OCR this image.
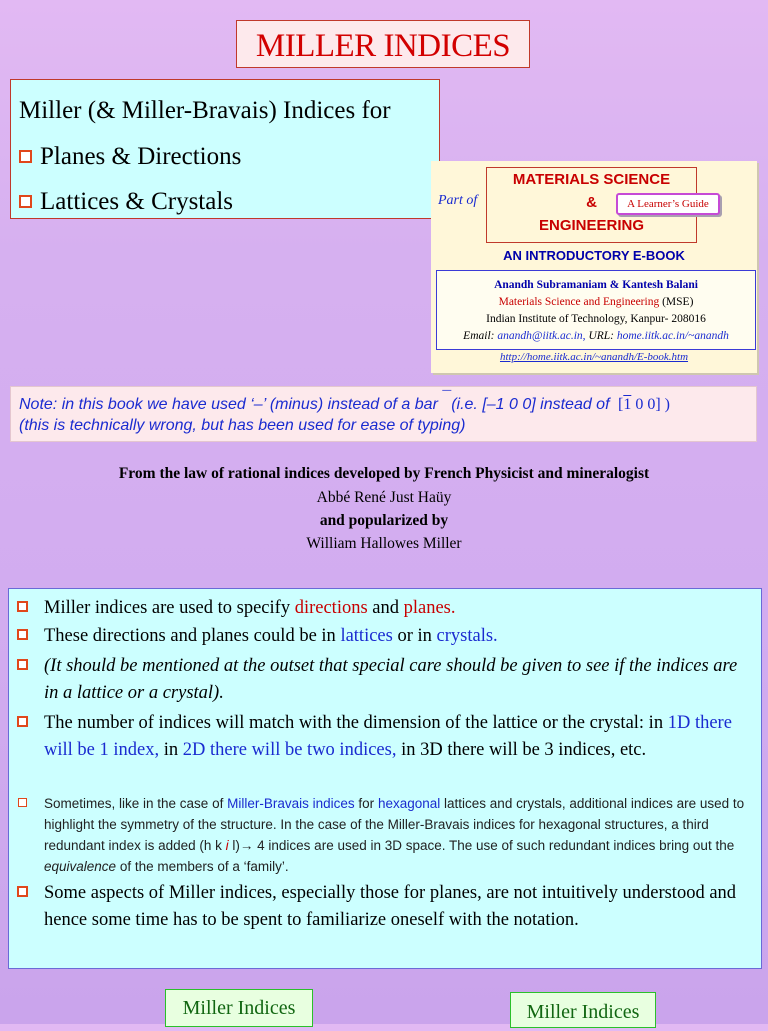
MILLER INDICES
Miller (& Miller-Bravais) Indices for
Planes & Directions
Lattices & Crystals	Part of
MATERIALS SCIENCE
&
ENGINEERING
A Learner’s Guide
AN INTRODUCTORY E-BOOK
Anandh Subramaniam & Kantesh Balani
Materials Science and Engineering (MSE)
Indian Institute of Technology, Kanpur- 208016
Email: anandh@iitk.ac.in, URL: home.iitk.ac.in/~anandh
http://home.iitk.ac.in/~anandh/E-book.htm
Note: in this book we have used ‘–’ (minus) instead of a bar ¯(i.e. [–1 0 0] instead of  [1 0 0] )
(this is technically wrong, but has been used for ease of typing)
From the law of rational indices developed by French Physicist and mineralogist
Abbé René Just Haüy
and popularized by
William Hallowes Miller
Miller indices are used to specify directions and planes.
These directions and planes could be in lattices or in crystals.
(It should be mentioned at the outset that special care should be given to see if the indices are in a lattice or a crystal).
The number of indices will match with the dimension of the lattice or the crystal: in 1D there will be 1 index, in 2D there will be two indices, in 3D there will be 3 indices, etc.
Sometimes, like in the case of Miller-Bravais indices for hexagonal lattices and crystals, additional indices are used to highlight the symmetry of the structure. In the case of the Miller-Bravais indices for hexagonal structures, a third redundant index is added (h k i l)→ 4 indices are used in 3D space. The use of such redundant indices bring out the equivalence of the members of a ‘family’.
Some aspects of Miller indices, especially those for planes, are not intuitively understood and hence some time has to be spent to familiarize oneself with the notation.
Miller Indices	Miller Indices
